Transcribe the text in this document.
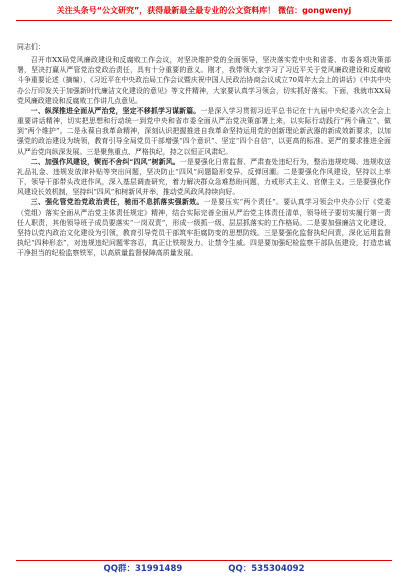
关注头条号“公文研究”，获得最新最全最专业的公文资料库！ 微信：gongwenyj

同志们：

召开市XX局党风廉政建设和反腐败工作会议，对坚决维护党的全面领导，坚决落实党中央和省委、市委各项决策部署，坚决打赢从严管党治党政治责任，具有十分重要的意义。刚才，我带领大家学习了习近平关于党风廉政建设和反腐败斗争重要论述（摘编），《习近平在中央政治局工作会议暨庆祝中国人民政治协商会议成立70周年大会上的讲话》《中共中央办公厅印发关于加强新时代廉洁文化建设的意见》等文件精神，大家要认真学习领会，切实抓好落实。下面，我就市XX局党风廉政建设和反腐败工作讲几点意见。

一、纵深推进全面从严治党，坚定不移抓学习谋新篇。一是深入学习贯彻习近平总书记在十九届中央纪委六次全会上重要讲话精神，切实把思想和行动统一到党中央和省市委全面从严治党决策部署上来，以实际行动践行“两个确立”、做到“两个维护”。二是永葆自我革命精神，深刻认识把握推进自我革命坚持运用党的创新理论新武器的新成效新要求，以加强党的政治建设为统领，教育引导全局党员干部增强“四个意识”、坚定“四个自信”，以更高的标准、更严的要求推进全面从严治党向纵深发展。三是聚焦重点、严格执纪，持之以恒正风肃纪。

二、加强作风建设，锲而不舍纠“四风”树新风。一是要强化日常监督、严肃查处违纪行为，整治违规吃喝、违规收送礼品礼金、违规发放津补贴等突出问题，坚决防止“四风”问题隐形变异、反弹回潮。二是要强化作风建设，坚持以上率下，领导干部带头改进作风，深入基层调查研究，着力解决群众急难愁盼问题，力戒形式主义、官僚主义。三是要强化作风建设长效机制，坚持纠“四风”和树新风并举，推动党风政风持续向好。

三、强化管党治党政治责任，驰而不息抓落实强新效。一是要压实“两个责任”。要认真学习领会中央办公厅《党委（党组）落实全面从严治党主体责任规定》精神，结合实际完善全面从严治党主体责任清单，领导班子要切实履行第一责任人职责，其他领导班子成员要落实“一岗双责”，形成一级抓一级、层层抓落实的工作格局。二是要加强廉洁文化建设，坚持以党内政治文化建设为引领，教育引导党员干部筑牢拒腐防变的思想防线。三是要强化监督执纪问责，深化运用监督执纪“四种形态”，对违规违纪问题零容忍，真正让铁规发力、让禁令生威。四是要加强纪检监察干部队伍建设，打造忠诚干净担当的纪检监察铁军，以高质量监督保障高质量发展。

QQ群：31991489	QQ：535304092
